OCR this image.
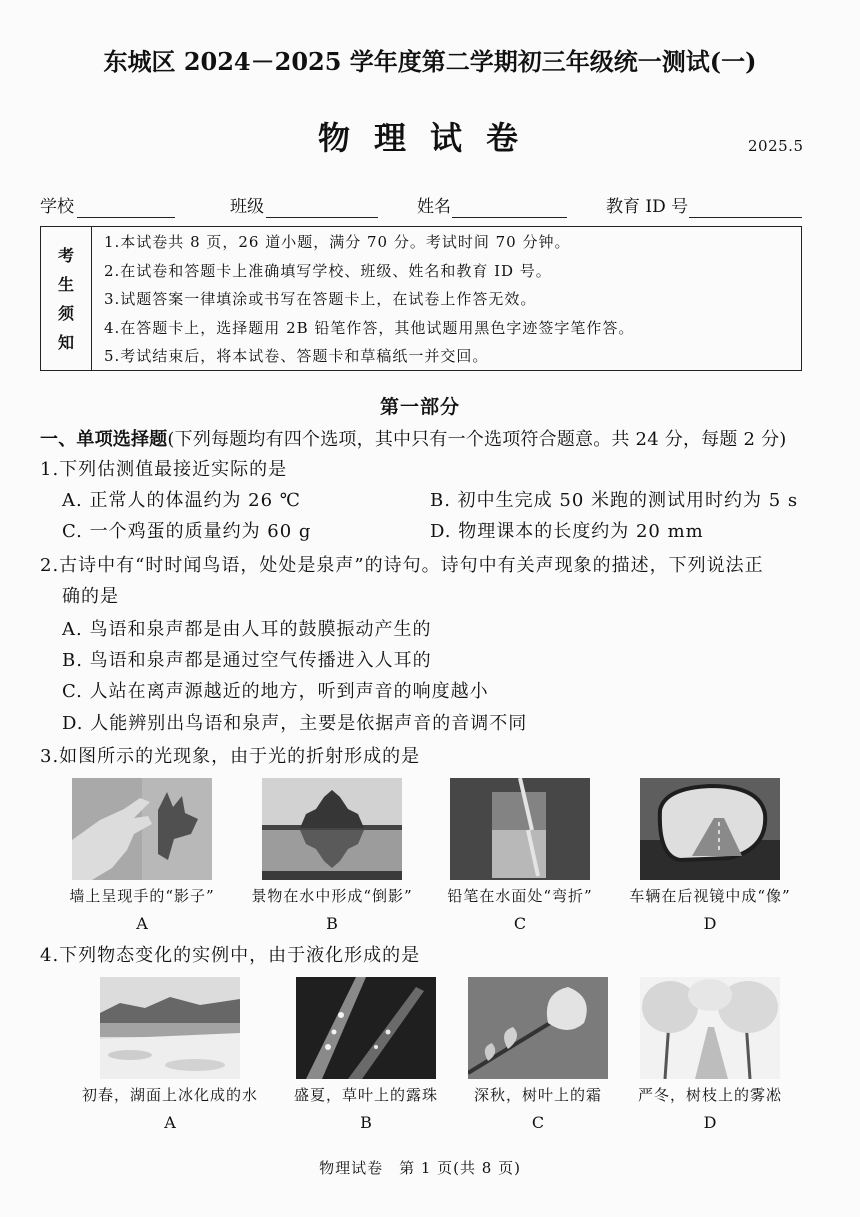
东城区 2024－2025 学年度第二学期初三年级统一测试(一)
物理试卷	2025.5
学校	班级	姓名	教育 ID 号
考
生
须
知
1.本试卷共 8 页，26 道小题，满分 70 分。考试时间 70 分钟。
2.在试卷和答题卡上准确填写学校、班级、姓名和教育 ID 号。
3.试题答案一律填涂或书写在答题卡上，在试卷上作答无效。
4.在答题卡上，选择题用 2B 铅笔作答，其他试题用黑色字迹签字笔作答。
5.考试结束后，将本试卷、答题卡和草稿纸一并交回。
第一部分
一、单项选择题(下列每题均有四个选项，其中只有一个选项符合题意。共 24 分，每题 2 分)
1.下列估测值最接近实际的是
A. 正常人的体温约为 26 ℃	B. 初中生完成 50 米跑的测试用时约为 5 s
C. 一个鸡蛋的质量约为 60 g	D. 物理课本的长度约为 20 mm
2.古诗中有“时时闻鸟语，处处是泉声”的诗句。诗句中有关声现象的描述，下列说法正
确的是
A. 鸟语和泉声都是由人耳的鼓膜振动产生的
B. 鸟语和泉声都是通过空气传播进入人耳的
C. 人站在离声源越近的地方，听到声音的响度越小
D. 人能辨别出鸟语和泉声，主要是依据声音的音调不同
3.如图所示的光现象，由于光的折射形成的是
墙上呈现手的“影子”
A
景物在水中形成“倒影”
B
铅笔在水面处“弯折”
C
车辆在后视镜中成“像”
D
4.下列物态变化的实例中，由于液化形成的是
初春，湖面上冰化成的水
A
盛夏，草叶上的露珠
B
深秋，树叶上的霜
C
严冬，树枝上的雾凇
D
物理试卷　第 1 页(共 8 页)
